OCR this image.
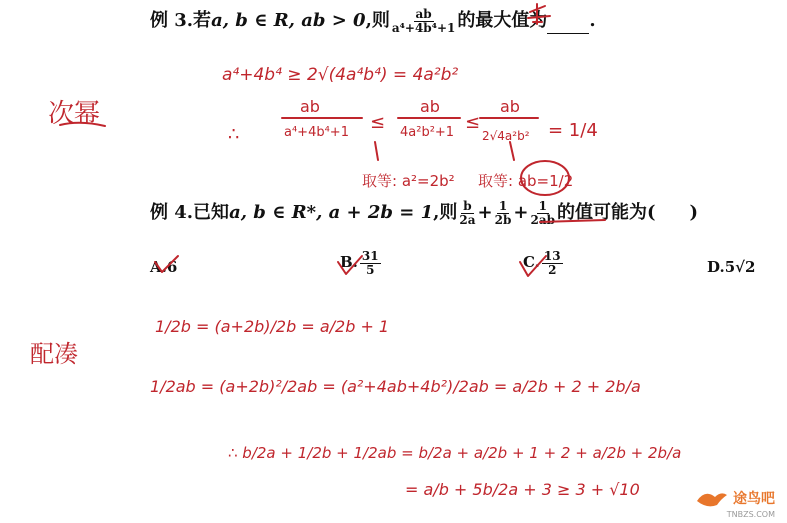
例 3.若a, b ∈ R, ab > 0,则 $\frac{ab}{\text{a⁴+4b⁴+1}}$ 的最大值为 .
例 4.已知a, b ∈ R*, a + 2b = 1,则 $\frac{b}{2a} + \frac{1}{2b} + \frac{1}{2ab}$ 的值可能为( )
A.6	B. $\frac{31}{5}$	C. $\frac{13}{2}$	D.5√2
a⁴+4b⁴ ≥ 2√(4a⁴b⁴) = 4a²b²
次幂
∴
ab
a⁴+4b⁴+1 ≤
ab
4a²b²+1 ≤
ab
2√4a²b² = 1/4
取等: a²=2b² 取等: ab=1/2
配凑
1/2b = (a+2b)/2b = a/2b + 1
1/2ab = (a+2b)²/2ab = (a²+4ab+4b²)/2ab = a/2b + 2 + 2b/a
∴ b/2a + 1/2b + 1/2ab = b/2a + a/2b + 1 + 2 + a/2b + 2b/a
= a/b + 5b/2a + 3 ≥ 3 + √10	途鸟吧
TNBZS.COM
